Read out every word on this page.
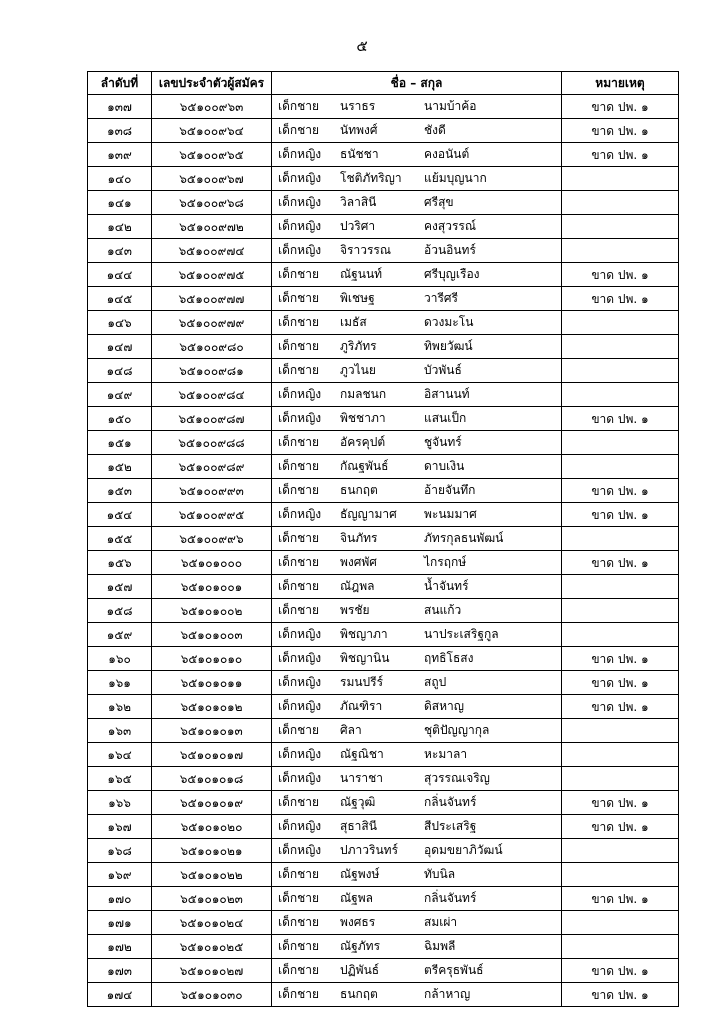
๕
ลำดับที่	เลขประจำตัวผู้สมัคร	ชื่อ – สกุล	หมายเหตุ
๑๓๗	๖๕๑๐๐๙๖๓	เด็กชาย นราธร นามบ้าค้อ	ขาด ปพ. ๑
๑๓๘	๖๕๑๐๐๙๖๔	เด็กชาย นัทพงศ์ ชังดี	ขาด ปพ. ๑
๑๓๙	๖๕๑๐๐๙๖๕	เด็กหญิง ธนัชชา คงอนันต์	ขาด ปพ. ๑
๑๔๐	๖๕๑๐๐๙๖๗	เด็กหญิง โชติภัทริญา แย้มบุญนาก	

๑๔๑	๖๕๑๐๐๙๖๘	เด็กหญิง วิลาสินี ศรีสุข	

๑๔๒	๖๕๑๐๐๙๗๒	เด็กหญิง ปวริศา คงสุวรรณ์	

๑๔๓	๖๕๑๐๐๙๗๔	เด็กหญิง จิราวรรณ อ้วนอินทร์	

๑๔๔	๖๕๑๐๐๙๗๕	เด็กชาย ณัฐนนท์ ศรีบุญเรือง	ขาด ปพ. ๑
๑๔๕	๖๕๑๐๐๙๗๗	เด็กชาย พิเชษฐ วารีศรี	ขาด ปพ. ๑
๑๔๖	๖๕๑๐๐๙๗๙	เด็กชาย เมธัส ดวงมะโน	

๑๔๗	๖๕๑๐๐๙๘๐	เด็กชาย ภูริภัทร ทิพยวัฒน์	

๑๔๘	๖๕๑๐๐๙๘๑	เด็กชาย ภูวไนย บัวพันธ์	

๑๔๙	๖๕๑๐๐๙๘๔	เด็กหญิง กมลชนก อิสานนท์	

๑๕๐	๖๕๑๐๐๙๘๗	เด็กหญิง พิชชาภา แสนเป็ก	ขาด ปพ. ๑
๑๕๑	๖๕๑๐๐๙๘๘	เด็กชาย อัครคุปต์ ชูจันทร์	

๑๕๒	๖๕๑๐๐๙๘๙	เด็กชาย กัณฐพันธ์ ดาบเงิน	

๑๕๓	๖๕๑๐๐๙๙๓	เด็กชาย ธนกฤต อ้ายจันทึก	ขาด ปพ. ๑
๑๕๔	๖๕๑๐๐๙๙๕	เด็กหญิง ธัญญามาศ พะนมมาศ	ขาด ปพ. ๑
๑๕๕	๖๕๑๐๐๙๙๖	เด็กชาย จินภัทร ภัทรกุลธนพัฒน์	

๑๕๖	๖๕๑๐๑๐๐๐	เด็กชาย พงศพัศ ไกรฤกษ์	ขาด ปพ. ๑
๑๕๗	๖๕๑๐๑๐๐๑	เด็กชาย ณัฎพล น้ำจันทร์	

๑๕๘	๖๕๑๐๑๐๐๒	เด็กชาย พรชัย สนแก้ว	

๑๕๙	๖๕๑๐๑๐๐๓	เด็กหญิง พิชญาภา นาประเสริฐกูล	

๑๖๐	๖๕๑๐๑๐๑๐	เด็กหญิง พิชญานิน ฤทธิโธสง	ขาด ปพ. ๑
๑๖๑	๖๕๑๐๑๐๑๑	เด็กหญิง รมนปรีร์ สถูป	ขาด ปพ. ๑
๑๖๒	๖๕๑๐๑๐๑๒	เด็กหญิง ภัณฑิรา ดิสหาญ	ขาด ปพ. ๑
๑๖๓	๖๕๑๐๑๐๑๓	เด็กชาย ศิลา ชุติปัญญากุล	

๑๖๔	๖๕๑๐๑๐๑๗	เด็กหญิง ณัฐณิชา หะมาลา	

๑๖๕	๖๕๑๐๑๐๑๘	เด็กหญิง นาราชา สุวรรณเจริญ	

๑๖๖	๖๕๑๐๑๐๑๙	เด็กชาย ณัฐวุฒิ กลิ่นจันทร์	ขาด ปพ. ๑
๑๖๗	๖๕๑๐๑๐๒๐	เด็กหญิง สุธาสินี สีประเสริฐ	ขาด ปพ. ๑
๑๖๘	๖๕๑๐๑๐๒๑	เด็กหญิง ปภาวรินทร์ อุดมขยาภิวัฒน์	

๑๖๙	๖๕๑๐๑๐๒๒	เด็กชาย ณัฐพงษ์ ทับนิล	

๑๗๐	๖๕๑๐๑๐๒๓	เด็กชาย ณัฐพล กลิ่นจันทร์	ขาด ปพ. ๑
๑๗๑	๖๕๑๐๑๐๒๔	เด็กชาย พงศธร สมเผ่า	

๑๗๒	๖๕๑๐๑๐๒๕	เด็กชาย ณัฐภัทร ฉิมพลี	

๑๗๓	๖๕๑๐๑๐๒๗	เด็กชาย ปฏิพันธ์ ตรีครุธพันธ์	ขาด ปพ. ๑
๑๗๔	๖๕๑๐๑๐๓๐	เด็กชาย ธนกฤต กล้าหาญ	ขาด ปพ. ๑
